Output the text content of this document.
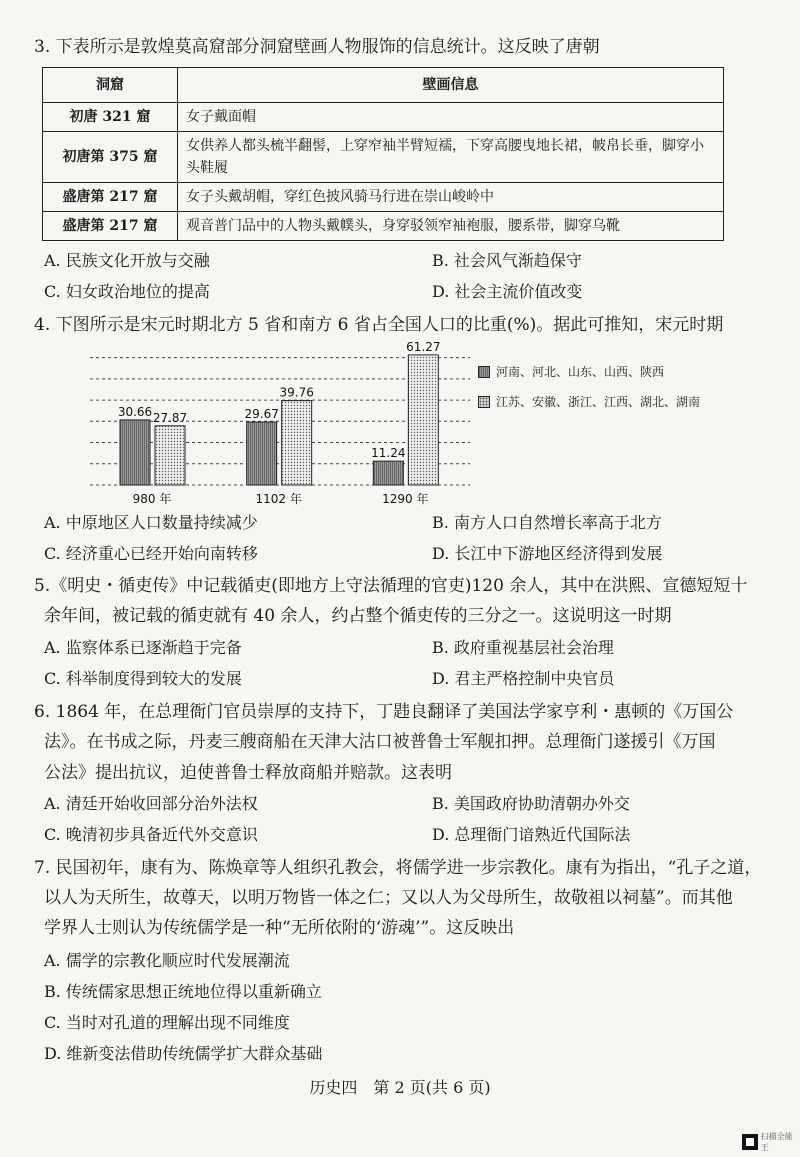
3. 下表所示是敦煌莫高窟部分洞窟壁画人物服饰的信息统计。这反映了唐朝
洞窟	壁画信息
初唐 321 窟	女子戴面帽
初唐第 375 窟	女供养人都头梳半翻髻，上穿窄袖半臂短襦，下穿高腰曳地长裙，帔帛长垂，脚穿小
头鞋履
盛唐第 217 窟	女子头戴胡帽，穿红色披风骑马行进在崇山峻岭中
盛唐第 217 窟	观音普门品中的人物头戴幞头，身穿驳领窄袖袍服，腰系带，脚穿乌靴
A. 民族文化开放与交融	B. 社会风气渐趋保守
C. 妇女政治地位的提高	D. 社会主流价值改变
4. 下图所示是宋元时期北方 5 省和南方 6 省占全国人口的比重(%)。据此可推知，宋元时期
30.66 27.87
980 年
29.67
39.76
1102 年
11.24
61.27
1290 年
河南、河北、山东、山西、陕西
江苏、安徽、浙江、江西、湖北、湖南
A. 中原地区人口数量持续减少	B. 南方人口自然增长率高于北方
C. 经济重心已经开始向南转移	D. 长江中下游地区经济得到发展
5.《明史・循吏传》中记载循吏(即地方上守法循理的官吏)120 余人，其中在洪熙、宣德短短十
余年间，被记载的循吏就有 40 余人，约占整个循吏传的三分之一。这说明这一时期
A. 监察体系已逐渐趋于完备	B. 政府重视基层社会治理
C. 科举制度得到较大的发展	D. 君主严格控制中央官员
6. 1864 年，在总理衙门官员崇厚的支持下，丁韪良翻译了美国法学家亨利・惠顿的《万国公
法》。在书成之际，丹麦三艘商船在天津大沽口被普鲁士军舰扣押。总理衙门遂援引《万国
公法》提出抗议，迫使普鲁士释放商船并赔款。这表明
A. 清廷开始收回部分治外法权	B. 美国政府协助清朝办外交
C. 晚清初步具备近代外交意识	D. 总理衙门谙熟近代国际法
7. 民国初年，康有为、陈焕章等人组织孔教会，将儒学进一步宗教化。康有为指出，“孔子之道，
以人为天所生，故尊天，以明万物皆一体之仁；又以人为父母所生，故敬祖以祠墓”。而其他
学界人士则认为传统儒学是一种“无所依附的‘游魂’”。这反映出
A. 儒学的宗教化顺应时代发展潮流
B. 传统儒家思想正统地位得以重新确立
C. 当时对孔道的理解出现不同维度
D. 维新变法借助传统儒学扩大群众基础
历史四　第 2 页(共 6 页)
扫描全能王
